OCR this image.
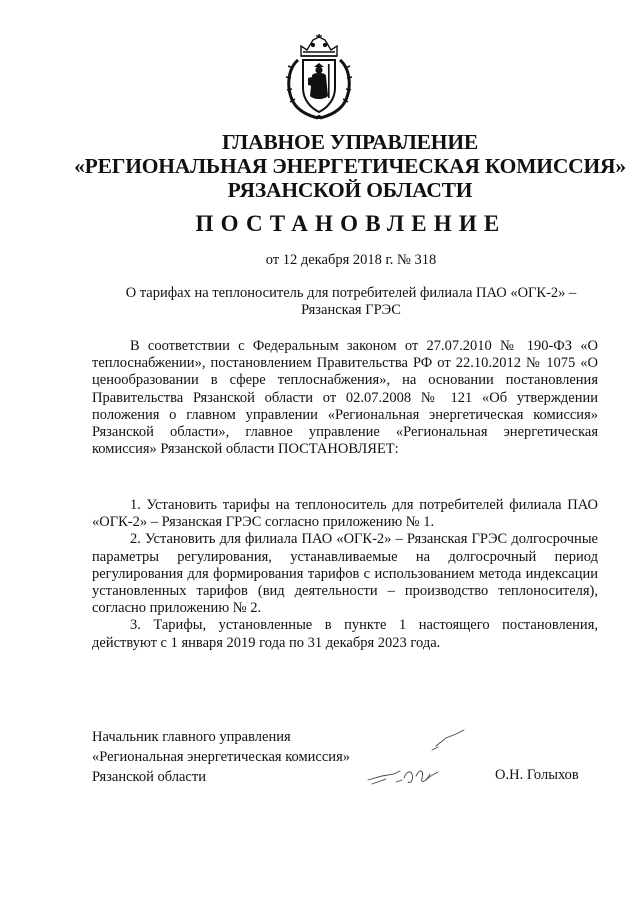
ГЛАВНОЕ УПРАВЛЕНИЕ
«РЕГИОНАЛЬНАЯ ЭНЕРГЕТИЧЕСКАЯ КОМИССИЯ»
РЯЗАНСКОЙ ОБЛАСТИ
ПОСТАНОВЛЕНИЕ
от 12 декабря 2018 г. № 318
О тарифах на теплоноситель для потребителей филиала ПАО «ОГК-2» –
Рязанская ГРЭС

В соответствии с Федеральным законом от 27.07.2010 № 190-ФЗ «О теплоснабжении», постановлением Правительства РФ от 22.10.2012 № 1075 «О ценообразовании в сфере теплоснабжения», на основании постановления Правительства Рязанской области от 02.07.2008 № 121 «Об утверждении положения о главном управлении «Региональная энергетическая комиссия» Рязанской области», главное управление «Региональная энергетическая комиссия» Рязанской области ПОСТАНОВЛЯЕТ:

1. Установить тарифы на теплоноситель для потребителей филиала ПАО «ОГК-2» – Рязанская ГРЭС согласно приложению № 1.

2. Установить для филиала ПАО «ОГК-2» – Рязанская ГРЭС долгосрочные параметры регулирования, устанавливаемые на долгосрочный период регулирования для формирования тарифов с использованием метода индексации установленных тарифов (вид деятельности – производство теплоносителя), согласно приложению № 2.

3. Тарифы, установленные в пункте 1 настоящего постановления, действуют с 1 января 2019 года по 31 декабря 2023 года.

Начальник главного управления
«Региональная энергетическая комиссия»
Рязанской области	О.Н. Голыхов
